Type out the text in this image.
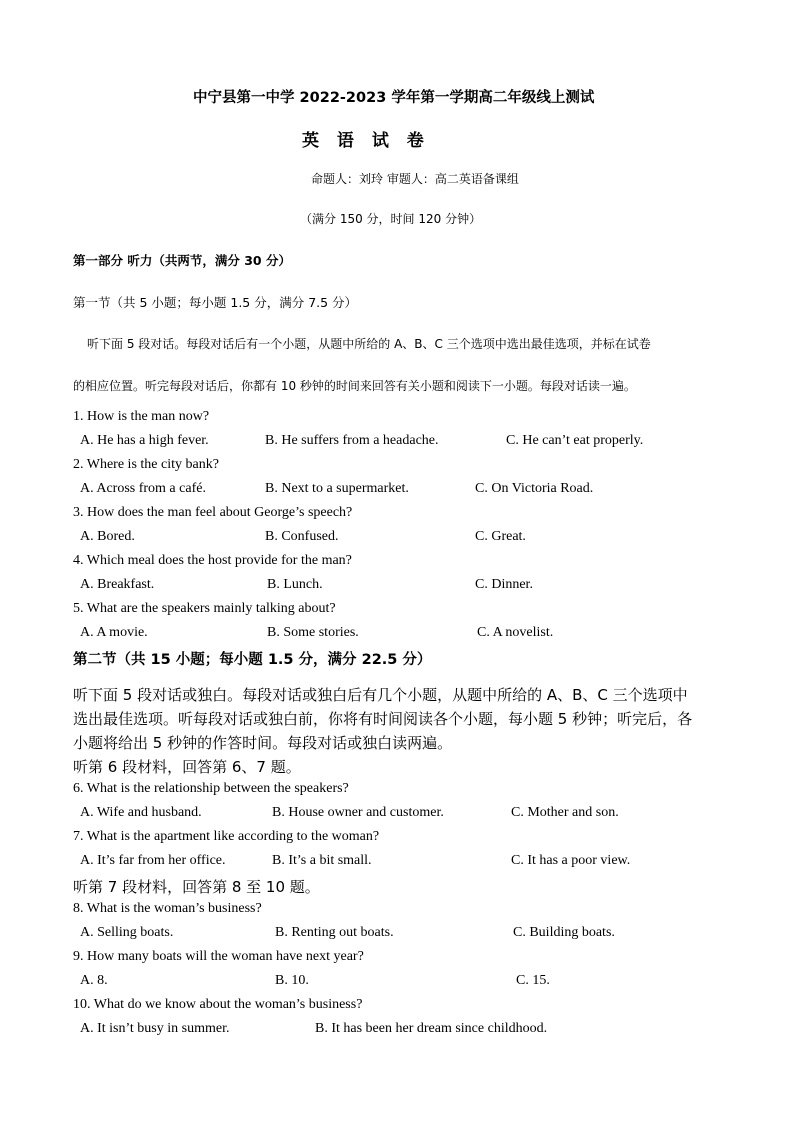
中宁县第一中学 2022-2023 学年第一学期高二年级线上测试
英 语 试 卷
命题人：刘玲 审题人：高二英语备课组
（满分 150 分，时间 120 分钟）
第一部分 听力（共两节，满分 30 分）
第一节（共 5 小题；每小题 1.5 分，满分 7.5 分）
听下面 5 段对话。每段对话后有一个小题，从题中所给的 A、B、C 三个选项中选出最佳选项，并标在试卷
的相应位置。听完每段对话后，你都有 10 秒钟的时间来回答有关小题和阅读下一小题。每段对话读一遍。
1. How is the man now?
A. He has a high fever.	B. He suffers from a headache.	C. He can’t eat properly.
2. Where is the city bank?
A. Across from a café.	B. Next to a supermarket.	C. On Victoria Road.
3. How does the man feel about George’s speech?
A. Bored.	B. Confused.	C. Great.
4. Which meal does the host provide for the man?
A. Breakfast.	B. Lunch.	C. Dinner.
5. What are the speakers mainly talking about?
A. A movie.	B. Some stories.	C. A novelist.
第二节（共 15 小题；每小题 1.5 分，满分 22.5 分）
听下面 5 段对话或独白。每段对话或独白后有几个小题，从题中所给的 A、B、C 三个选项中
选出最佳选项。听每段对话或独白前，你将有时间阅读各个小题，每小题 5 秒钟；听完后，各
小题将给出 5 秒钟的作答时间。每段对话或独白读两遍。
听第 6 段材料，回答第 6、7 题。
6. What is the relationship between the speakers?
A. Wife and husband.	B. House owner and customer.	C. Mother and son.
7. What is the apartment like according to the woman?
A. It’s far from her office.	B. It’s a bit small.	C. It has a poor view.
听第 7 段材料，回答第 8 至 10 题。
8. What is the woman’s business?
A. Selling boats.	B. Renting out boats.	C. Building boats.
9. How many boats will the woman have next year?
A. 8.	B. 10.	C. 15.
10. What do we know about the woman’s business?
A. It isn’t busy in summer.	B. It has been her dream since childhood.
